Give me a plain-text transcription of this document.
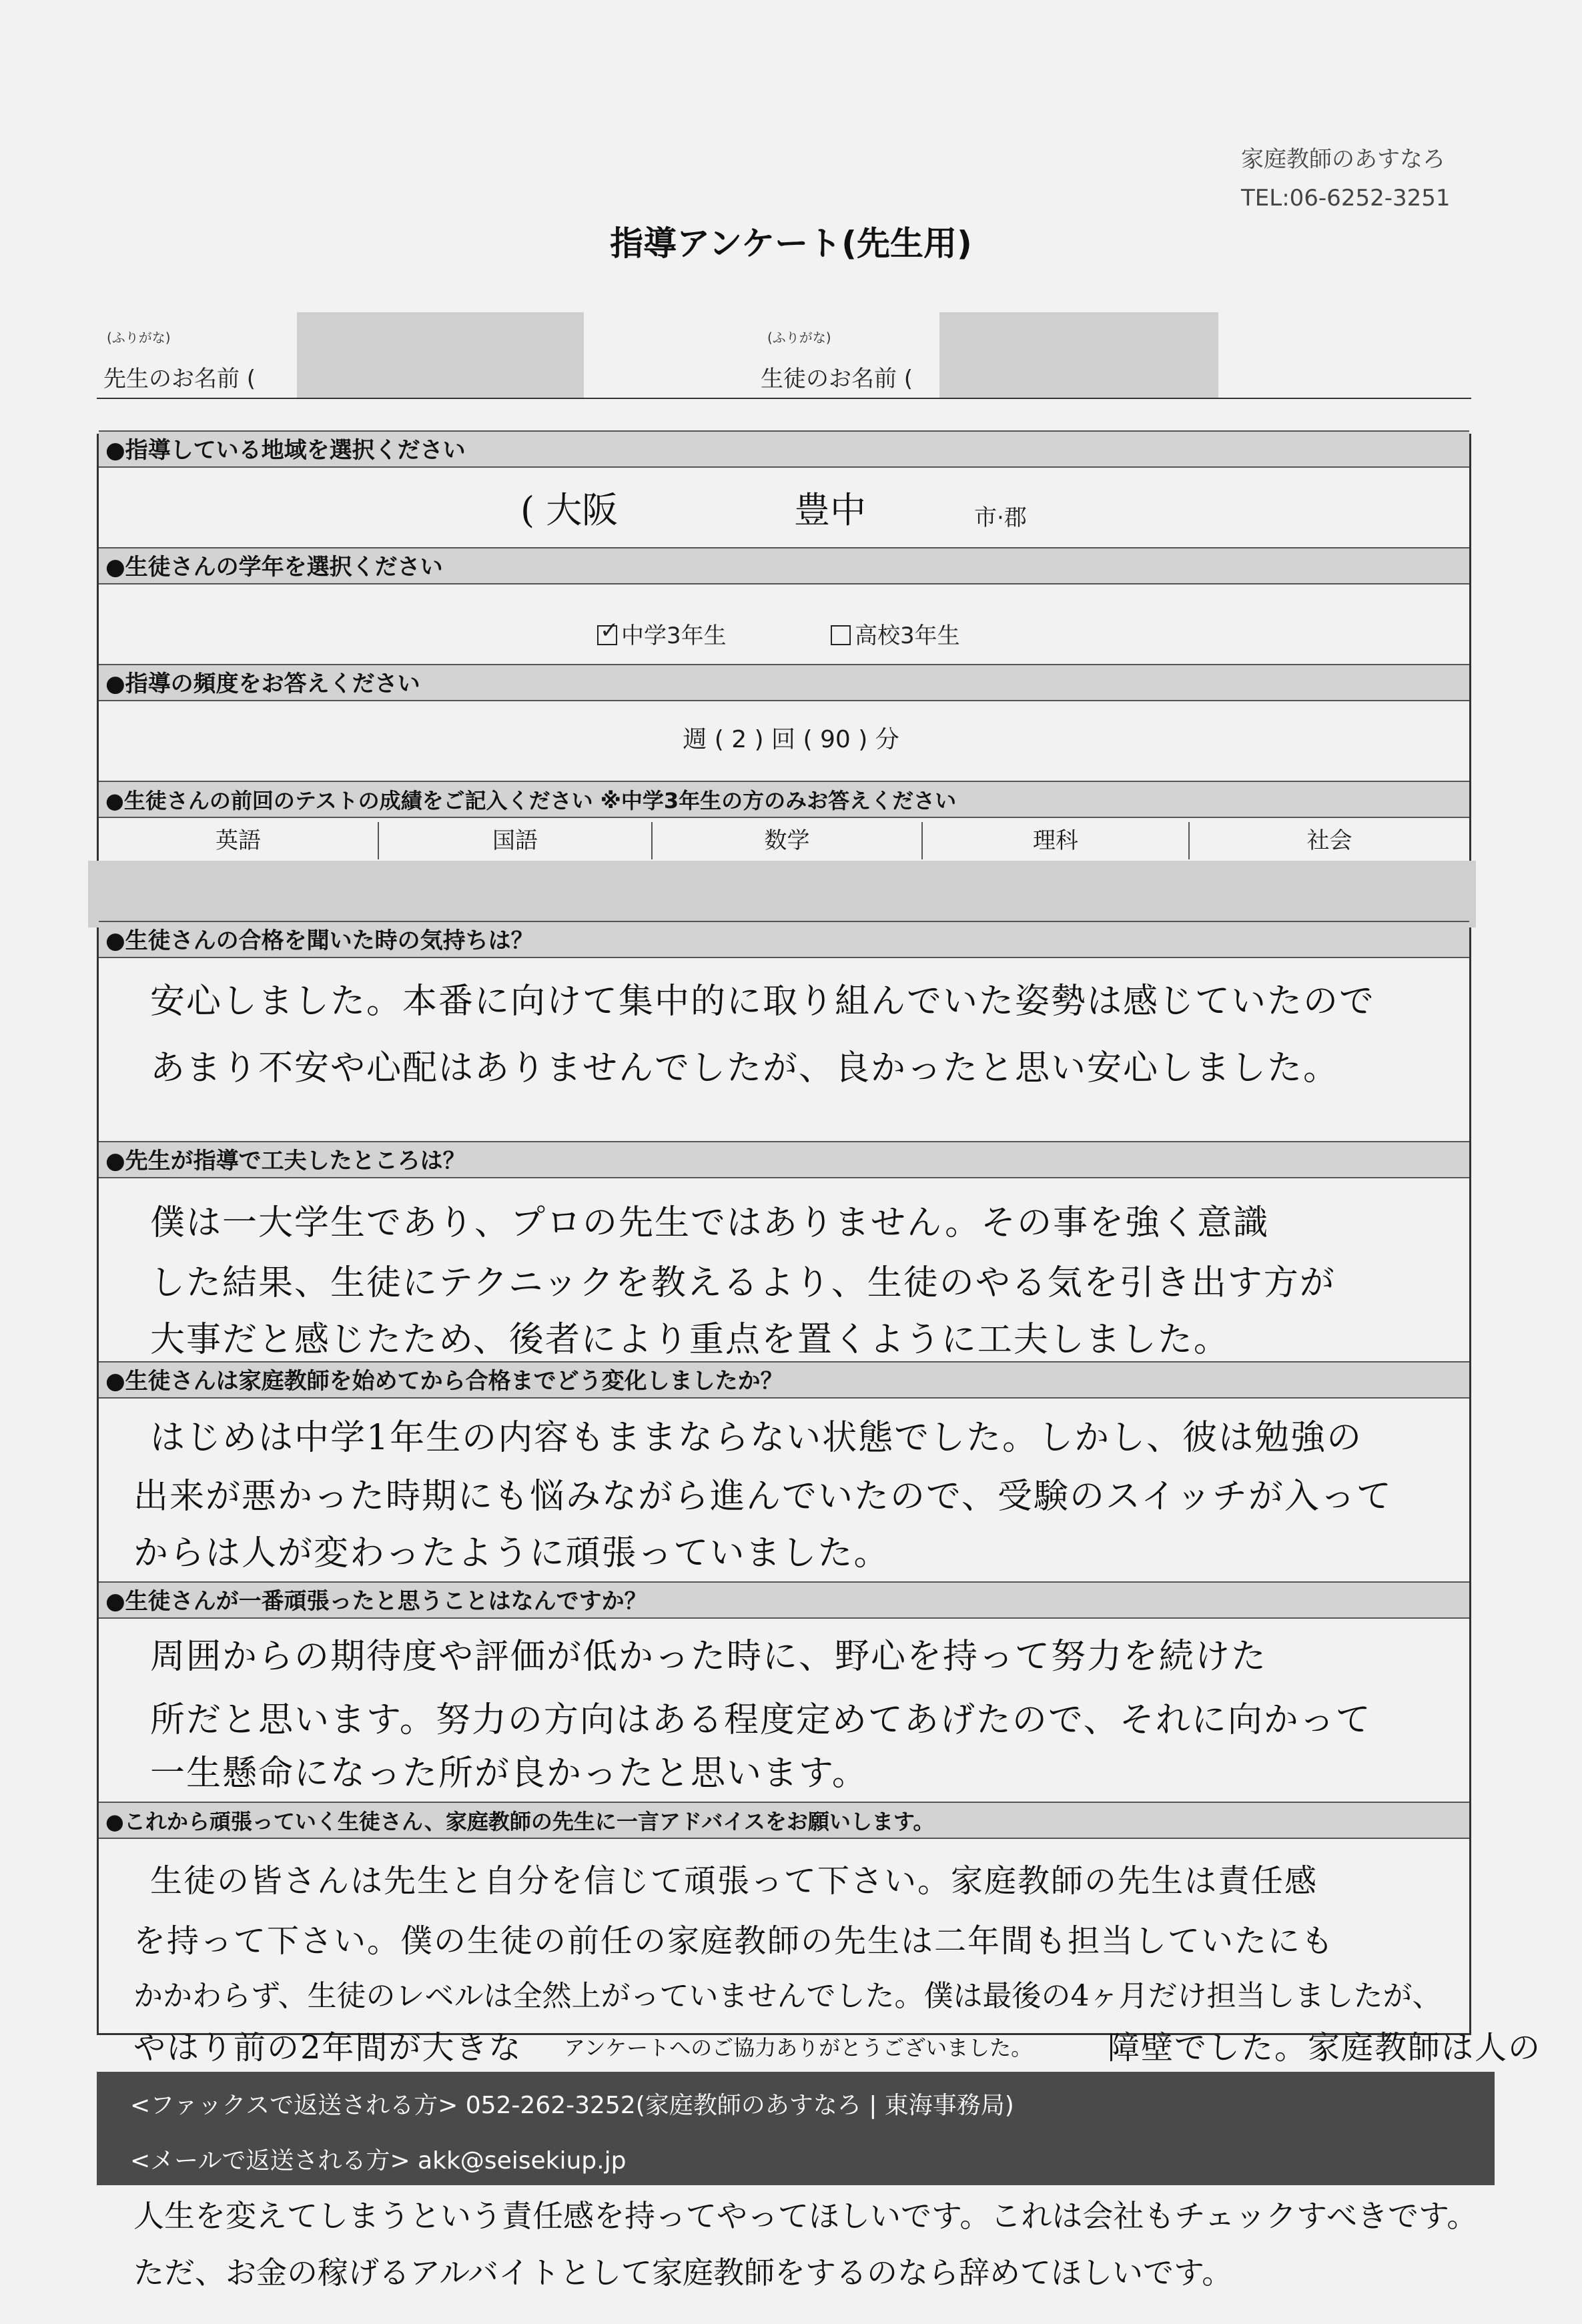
家庭教師のあすなろ
TEL:06-6252-3251
指導アンケート(先生用)
(ふりがな)
先生のお名前 (
(ふりがな)
生徒のお名前 (
●指導している地域を選択ください
( 大阪	豊中	市·郡
●生徒さんの学年を選択ください
✓中学3年生	高校3年生
●指導の頻度をお答えください
週 ( 2 ) 回 ( 90 ) 分
●生徒さんの前回のテストの成績をご記入ください ※中学3年生の方のみお答えください
英語	国語	数学	理科	社会
●生徒さんの合格を聞いた時の気持ちは？
安心しました。本番に向けて集中的に取り組んでいた姿勢は感じていたので
あまり不安や心配はありませんでしたが、良かったと思い安心しました。
●先生が指導で工夫したところは？
僕は一大学生であり、プロの先生ではありません。その事を強く意識
した結果、生徒にテクニックを教えるより、生徒のやる気を引き出す方が
大事だと感じたため、後者により重点を置くように工夫しました。
●生徒さんは家庭教師を始めてから合格までどう変化しましたか？
はじめは中学1年生の内容もままならない状態でした。しかし、彼は勉強の
出来が悪かった時期にも悩みながら進んでいたので、受験のスイッチが入って
からは人が変わったように頑張っていました。
●生徒さんが一番頑張ったと思うことはなんですか？
周囲からの期待度や評価が低かった時に、野心を持って努力を続けた
所だと思います。努力の方向はある程度定めてあげたので、それに向かって
一生懸命になった所が良かったと思います。
●これから頑張っていく生徒さん、家庭教師の先生に一言アドバイスをお願いします。
生徒の皆さんは先生と自分を信じて頑張って下さい。家庭教師の先生は責任感
を持って下さい。僕の生徒の前任の家庭教師の先生は二年間も担当していたにも
かかわらず、生徒のレベルは全然上がっていませんでした。僕は最後の4ヶ月だけ担当しましたが、
やはり前の2年間が大きな アンケートへのご協力ありがとうございました。 障壁でした。家庭教師は人の
<ファックスで返送される方> 052-262-3252(家庭教師のあすなろ | 東海事務局)
<メールで返送される方> akk@seisekiup.jp
人生を変えてしまうという責任感を持ってやってほしいです。これは会社もチェックすべきです。
ただ、お金の稼げるアルバイトとして家庭教師をするのなら辞めてほしいです。
